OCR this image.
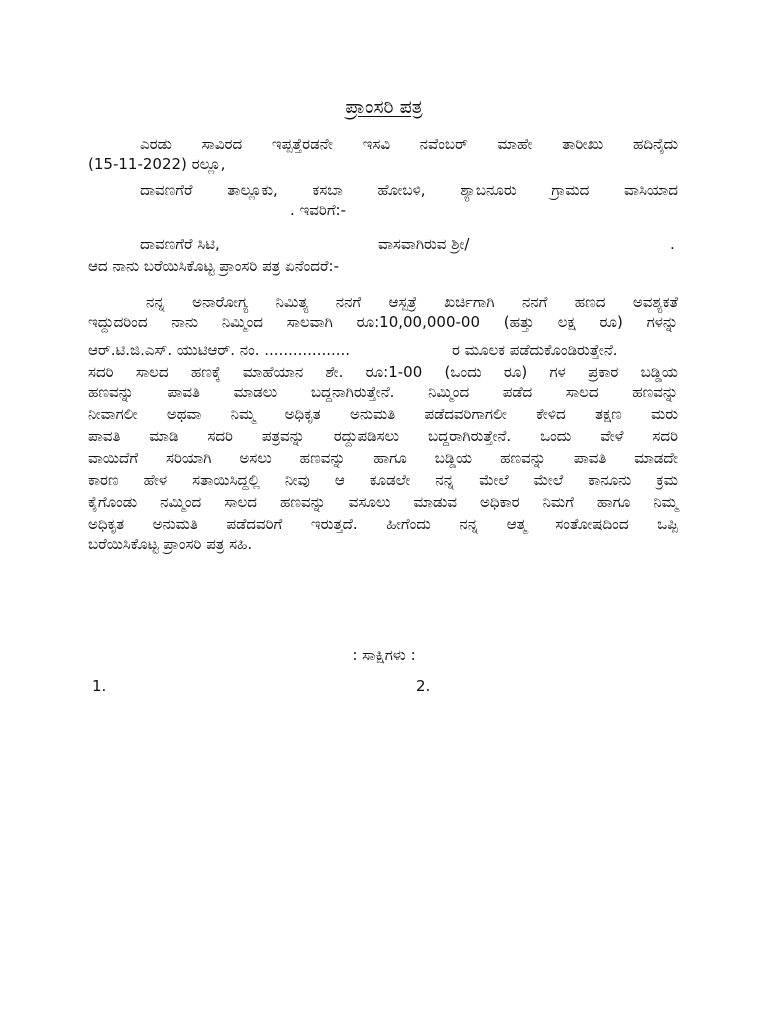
ಪ್ರಾಂಸರಿ ಪತ್ರ
ಎರಡು ಸಾವಿರದ ಇಪ್ಪತ್ತೆರಡನೇ ಇಸವಿ ನವೆಂಬರ್ ಮಾಹೇ ತಾರೀಖು ಹದಿನೈದು
(15-11-2022) ರಲ್ಲೂ,
ದಾವಣಗೆರೆ ತಾಲ್ಲೂಕು, ಕಸಬಾ ಹೋಬಳಿ, ಶ್ಯಾಬನೂರು ಗ್ರಾಮದ ವಾಸಿಯಾದ
. ಇವರಿಗೆ:-
ದಾವಣಗೆರೆ ಸಿಟಿ,	ವಾಸವಾಗಿರುವ ಶ್ರೀ/	.
ಆದ ನಾನು ಬರೆಯಿಸಿಕೊಟ್ಟ ಪ್ರಾಂಸರಿ ಪತ್ರ ಏನೆಂದರೆ:-
ನನ್ನ ಅನಾರೋಗ್ಯ ನಿಮಿತ್ಯ ನನಗೆ ಆಸ್ಪತ್ರೆ ಖರ್ಚಿಗಾಗಿ ನನಗೆ ಹಣದ ಅವಶ್ಯಕತೆ
ಇದ್ದುದರಿಂದ ನಾನು ನಿಮ್ಮಿಂದ ಸಾಲವಾಗಿ ರೂ:10,00,000-00 (ಹತ್ತು ಲಕ್ಷ ರೂ) ಗಳನ್ನು
ಆರ್.ಟಿ.ಜಿ.ಎಸ್. ಯುಟಿಆರ್. ನಂ. ..................	ರ ಮೂಲಕ ಪಡೆದುಕೊಂಡಿರುತ್ತೇನೆ.
ಸದರಿ ಸಾಲದ ಹಣಕ್ಕೆ ಮಾಹೆಯಾನ ಶೇ. ರೂ:1-00 (ಒಂದು ರೂ) ಗಳ ಪ್ರಕಾರ ಬಡ್ಡಿಯ
ಹಣವನ್ನು ಪಾವತಿ ಮಾಡಲು ಬದ್ದನಾಗಿರುತ್ತೇನೆ. ನಿಮ್ಮಿಂದ ಪಡೆದ ಸಾಲದ ಹಣವನ್ನು
ನೀವಾಗಲೀ ಅಥವಾ ನಿಮ್ಮ ಅಧಿಕೃತ ಅನುಮತಿ ಪಡೆದವರಿಗಾಗಲೀ ಕೇಳಿದ ತಕ್ಷಣ ಮರು
ಪಾವತಿ ಮಾಡಿ ಸದರಿ ಪತ್ರವನ್ನು ರದ್ದುಪಡಿಸಲು ಬದ್ದರಾಗಿರುತ್ತೇನೆ. ಒಂದು ವೇಳೆ ಸದರಿ
ವಾಯಿದೆಗೆ ಸರಿಯಾಗಿ ಅಸಲು ಹಣವನ್ನು ಹಾಗೂ ಬಡ್ಡಿಯ ಹಣವನ್ನು ಪಾವತಿ ಮಾಡದೇ
ಕಾರಣ ಹೇಳ ಸತಾಯಿಸಿದ್ದಲ್ಲಿ ನೀವು ಆ ಕೂಡಲೇ ನನ್ನ ಮೇಲೆ ಮೇಲೆ ಕಾನೂನು ಕ್ರಮ
ಕೈಗೊಂಡು ನಮ್ಮಿಂದ ಸಾಲದ ಹಣವನ್ನು ವಸೂಲು ಮಾಡುವ ಅಧಿಕಾರ ನಿಮಗೆ ಹಾಗೂ ನಿಮ್ಮ
ಅಧಿಕೃತ ಅನುಮತಿ ಪಡೆದವರಿಗೆ ಇರುತ್ತದೆ. ಹೀಗೆಂದು ನನ್ನ ಆತ್ಮ ಸಂತೋಷದಿಂದ ಒಪ್ಪಿ
ಬರೆಯಿಸಿಕೊಟ್ಟ ಪ್ರಾಂಸರಿ ಪತ್ರ ಸಹಿ.
: ಸಾಕ್ಷಿಗಳು :
1.	2.
